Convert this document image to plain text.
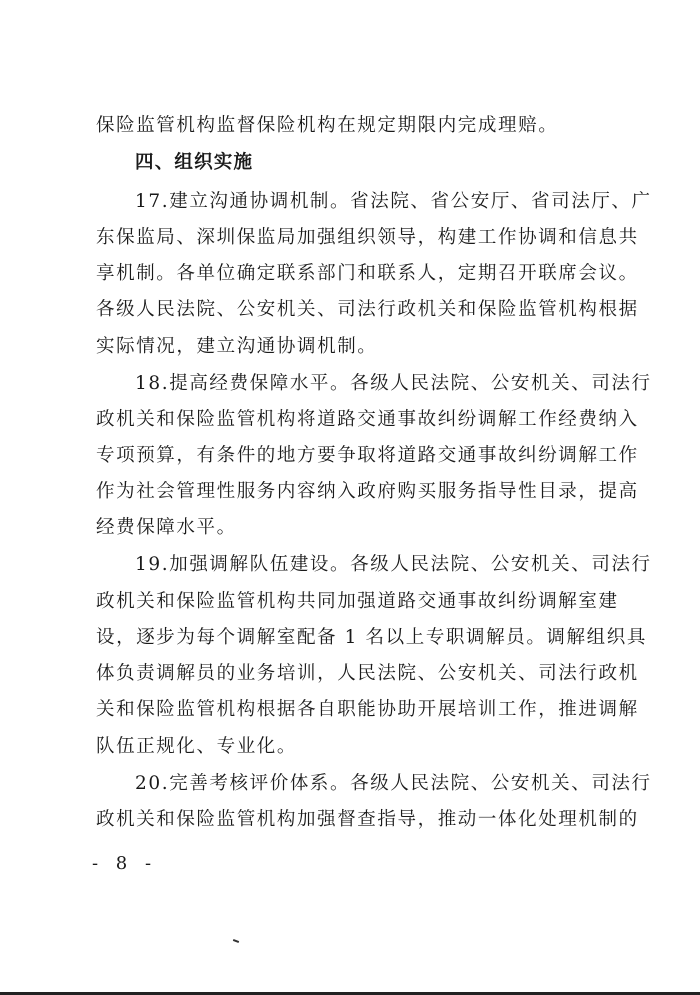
保险监管机构监督保险机构在规定期限内完成理赔。
四、组织实施
17.建立沟通协调机制。省法院、省公安厅、省司法厅、广
东保监局、深圳保监局加强组织领导，构建工作协调和信息共
享机制。各单位确定联系部门和联系人，定期召开联席会议。
各级人民法院、公安机关、司法行政机关和保险监管机构根据
实际情况，建立沟通协调机制。
18.提高经费保障水平。各级人民法院、公安机关、司法行
政机关和保险监管机构将道路交通事故纠纷调解工作经费纳入
专项预算，有条件的地方要争取将道路交通事故纠纷调解工作
作为社会管理性服务内容纳入政府购买服务指导性目录，提高
经费保障水平。
19.加强调解队伍建设。各级人民法院、公安机关、司法行
政机关和保险监管机构共同加强道路交通事故纠纷调解室建
设，逐步为每个调解室配备 1 名以上专职调解员。调解组织具
体负责调解员的业务培训，人民法院、公安机关、司法行政机
关和保险监管机构根据各自职能协助开展培训工作，推进调解
队伍正规化、专业化。
20.完善考核评价体系。各级人民法院、公安机关、司法行
政机关和保险监管机构加强督查指导，推动一体化处理机制的
- 8 -
